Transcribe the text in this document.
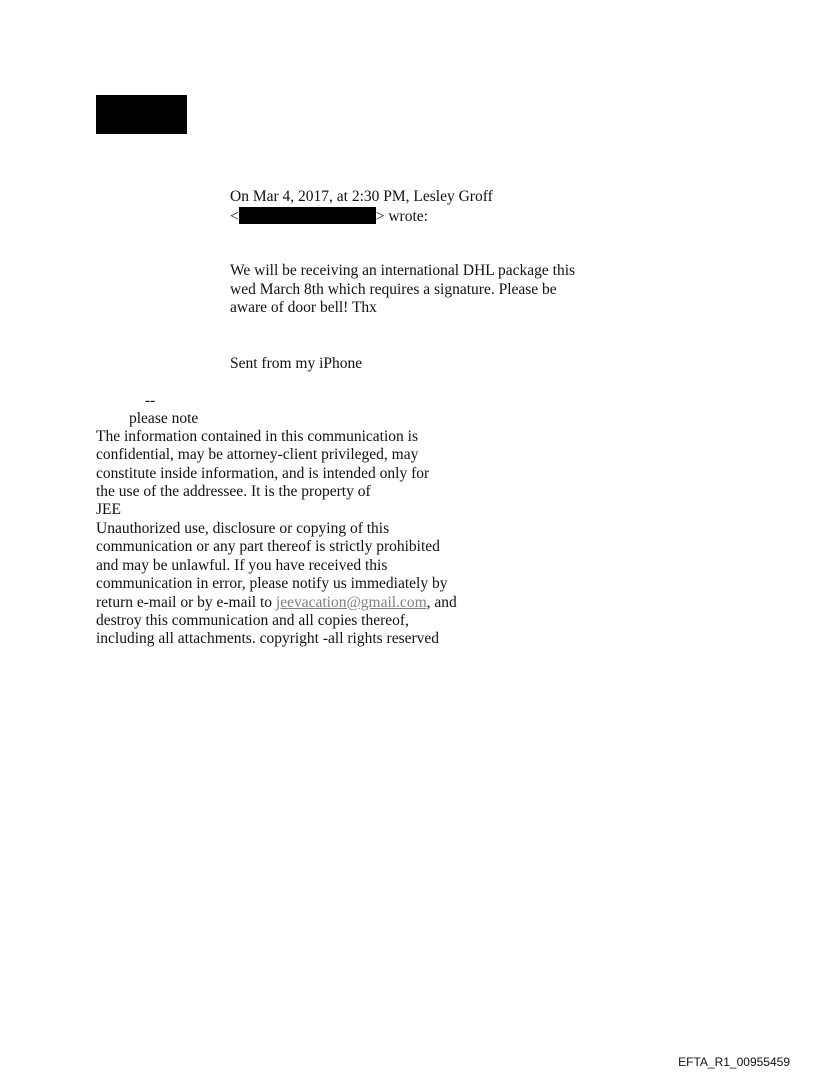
On Mar 4, 2017, at 2:30 PM, Lesley Groff
<	> wrote:
We will be receiving an international DHL package this
wed March 8th which requires a signature. Please be
aware of door bell! Thx
Sent from my iPhone
--
please note
The information contained in this communication is
confidential, may be attorney-client privileged, may
constitute inside information, and is intended only for
the use of the addressee. It is the property of
JEE
Unauthorized use, disclosure or copying of this
communication or any part thereof is strictly prohibited
and may be unlawful. If you have received this
communication in error, please notify us immediately by
return e-mail or by e-mail to jeevacation@gmail.com, and
destroy this communication and all copies thereof,
including all attachments. copyright -all rights reserved
EFTA_R1_00955459
